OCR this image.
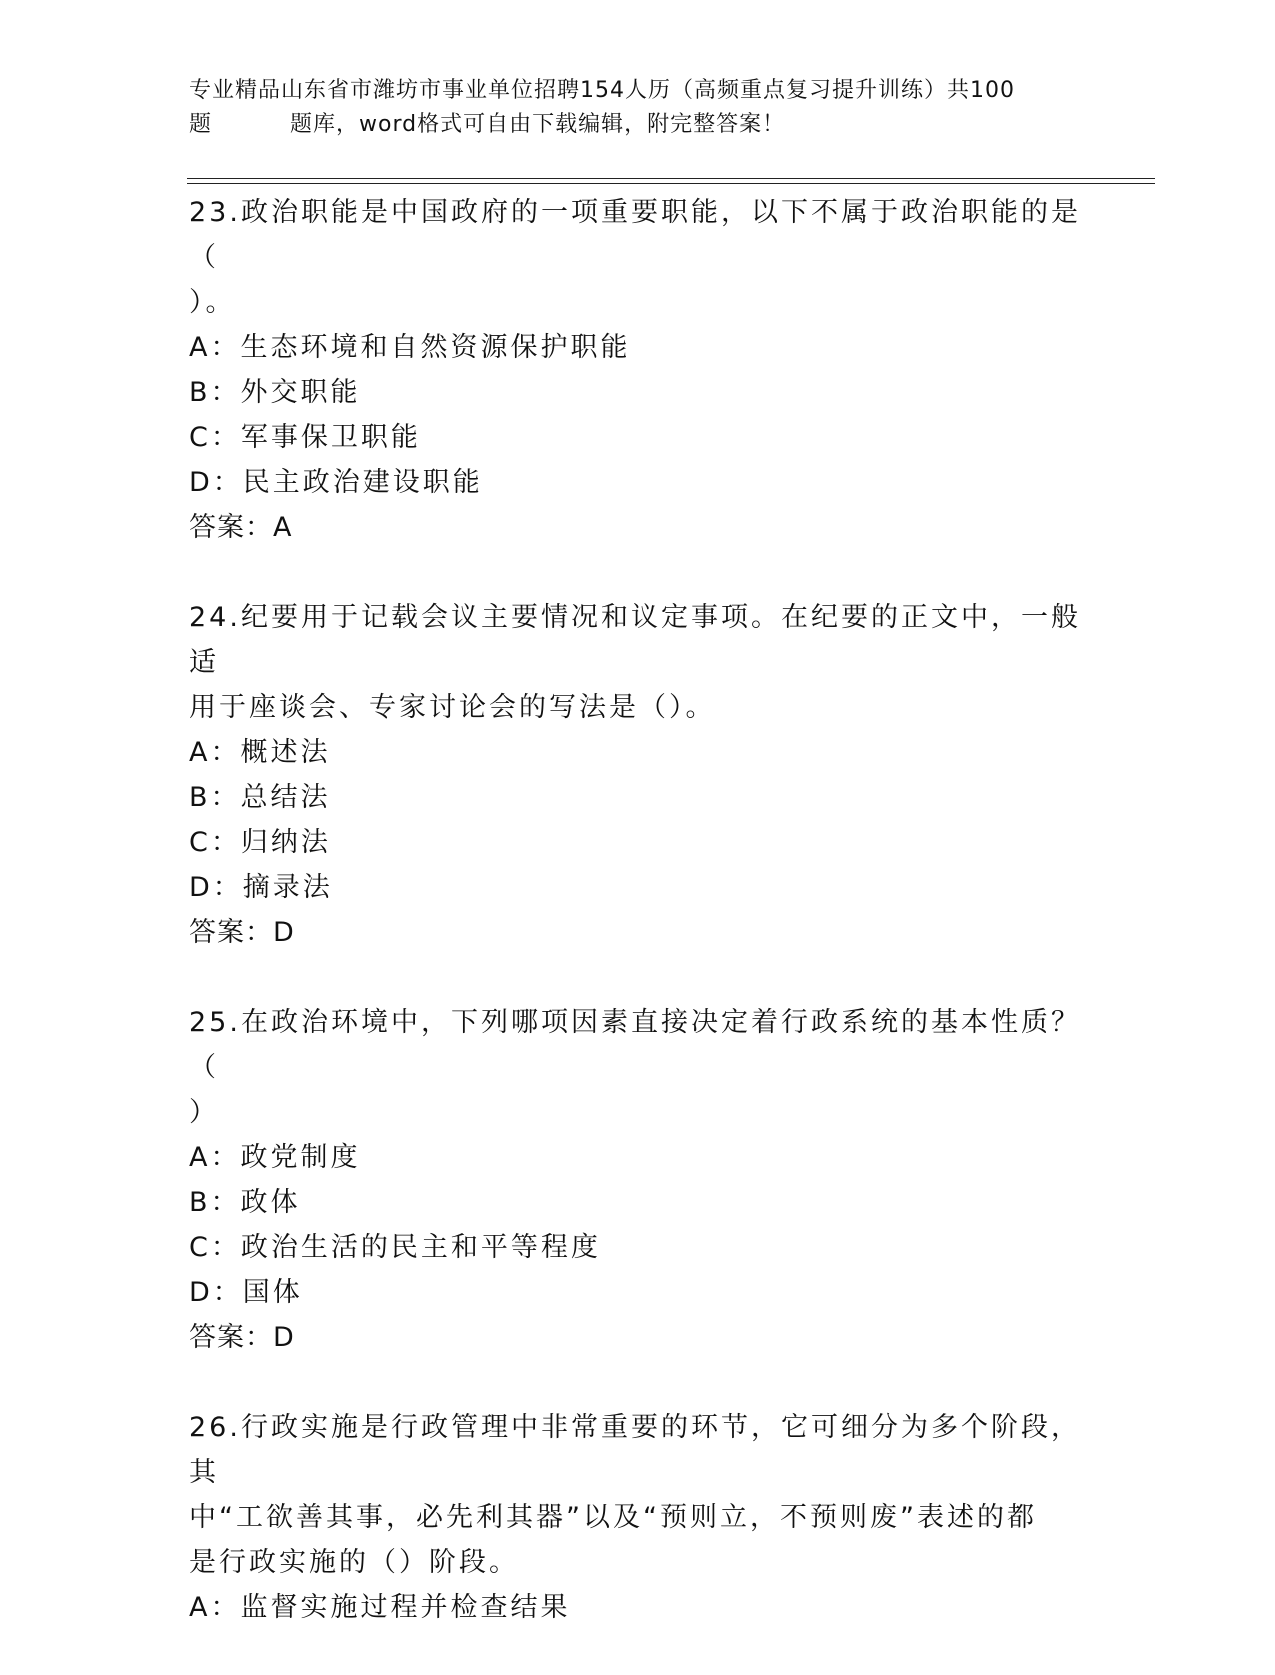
专业精品山东省市潍坊市事业单位招聘154人历（高频重点复习提升训练）共100
题	题库，word格式可自由下载编辑，附完整答案！
23.政治职能是中国政府的一项重要职能，以下不属于政治职能的是（
）。
A：生态环境和自然资源保护职能
B：外交职能
C：军事保卫职能
D：民主政治建设职能
答案：A
24.纪要用于记载会议主要情况和议定事项。在纪要的正文中，一般适
用于座谈会、专家讨论会的写法是（）。
A：概述法
B：总结法
C：归纳法
D：摘录法
答案：D
25.在政治环境中，下列哪项因素直接决定着行政系统的基本性质？（
）
A：政党制度
B：政体
C：政治生活的民主和平等程度
D：国体
答案：D
26.行政实施是行政管理中非常重要的环节，它可细分为多个阶段，其
中“工欲善其事，必先利其器”以及“预则立，不预则废”表述的都
是行政实施的（）阶段。
A：监督实施过程并检查结果
